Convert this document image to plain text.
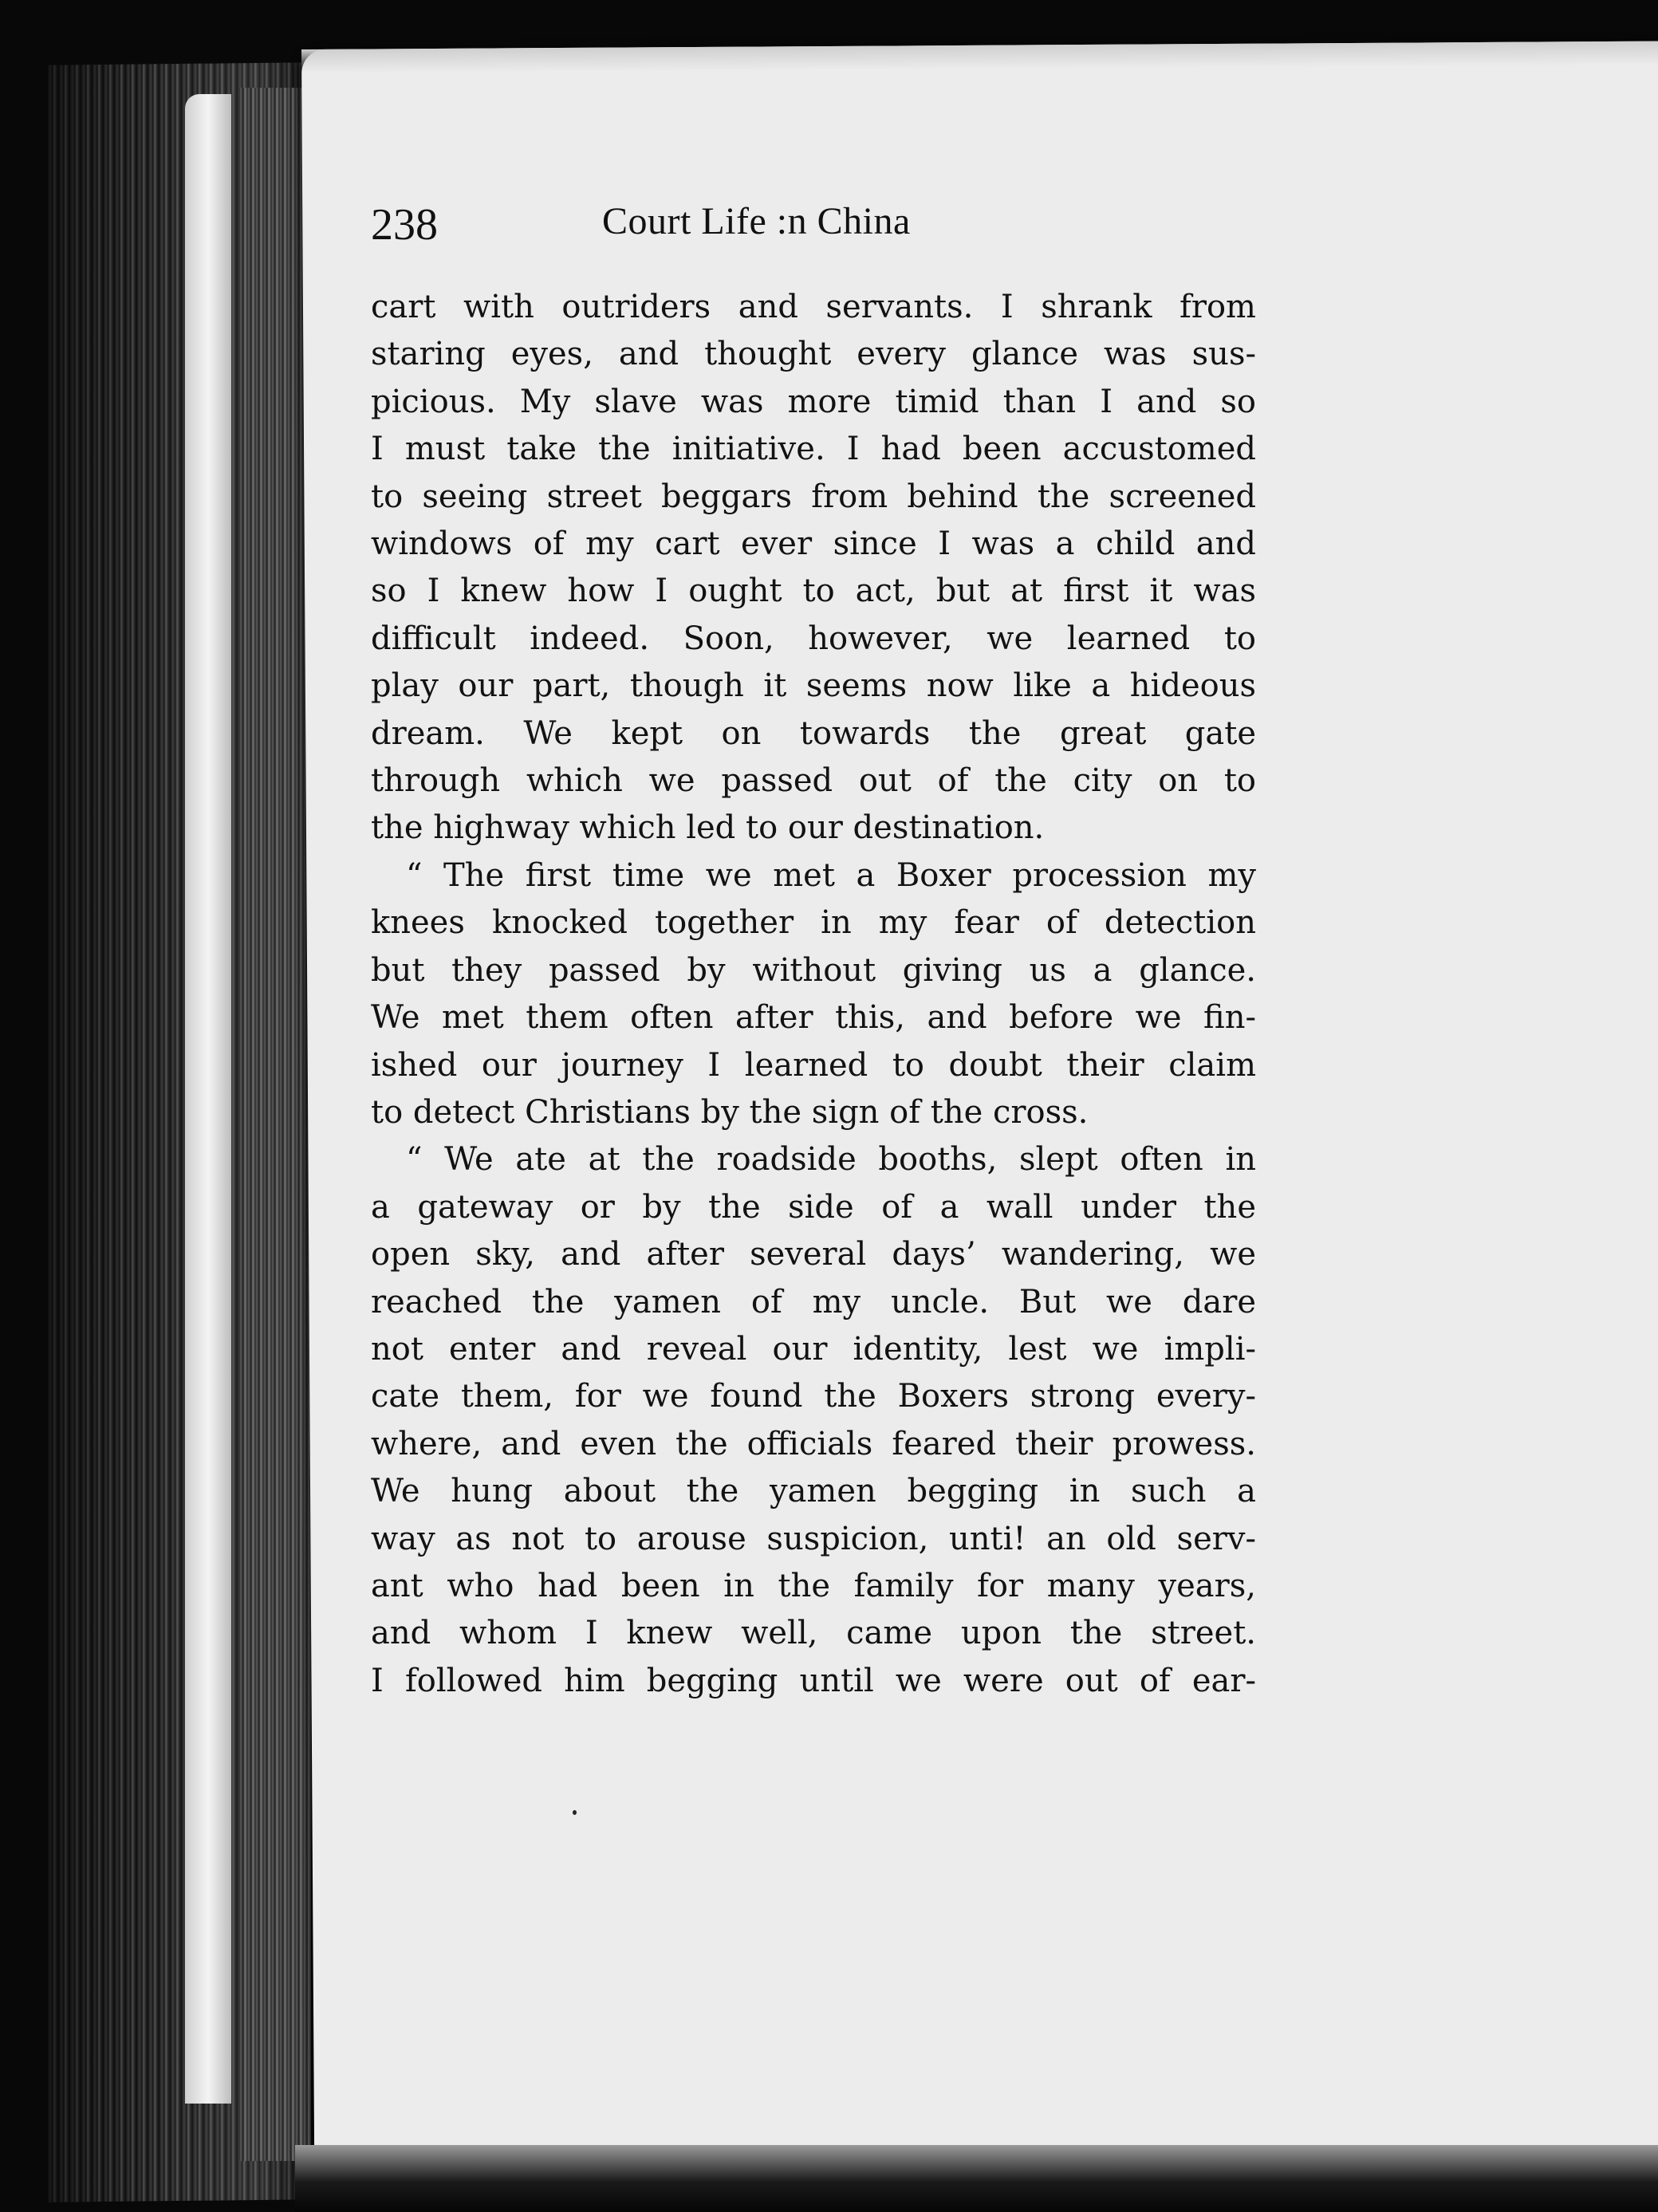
238	Court Life :n China

cart with outriders and servants. I shrank from
staring eyes, and thought every glance was sus-
picious. My slave was more timid than I and so
I must take the initiative. I had been accustomed
to seeing street beggars from behind the screened
windows of my cart ever since I was a child and
so I knew how I ought to act, but at first it was
difficult indeed. Soon, however, we learned to
play our part, though it seems now like a hideous
dream. We kept on towards the great gate
through which we passed out of the city on to
the highway which led to our destination.

“ The first time we met a Boxer procession my
knees knocked together in my fear of detection
but they passed by without giving us a glance.
We met them often after this, and before we fin-
ished our journey I learned to doubt their claim
to detect Christians by the sign of the cross.

“ We ate at the roadside booths, slept often in
a gateway or by the side of a wall under the
open sky, and after several days’ wandering, we
reached the yamen of my uncle. But we dare
not enter and reveal our identity, lest we impli-
cate them, for we found the Boxers strong every-
where, and even the officials feared their prowess.
We hung about the yamen begging in such a
way as not to arouse suspicion, unti! an old serv-
ant who had been in the family for many years,
and whom I knew well, came upon the street.
I followed him begging until we were out of ear-
